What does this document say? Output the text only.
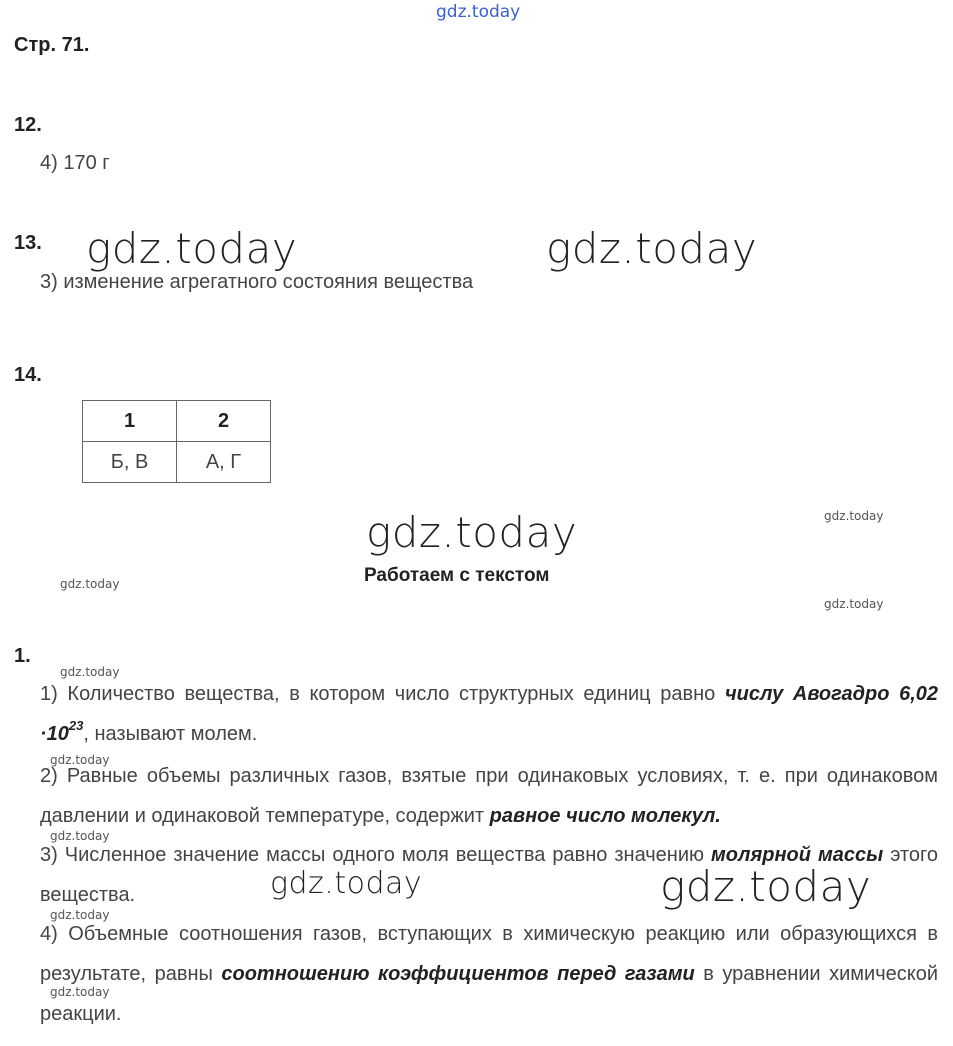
gdz.today
Стр. 71.
12.
4) 170 г
13.
3) изменение агрегатного состояния вещества
gdz.today	gdz.today
14.
1	2
Б, В	А, Г
gdz.today	gdz.today
gdz.today
gdz.today
Работаем с текстом
1.
gdz.today
1) Количество вещества, в котором число структурных единиц равно числу Авогадро $6,02 \cdot 10^{23}$, называют молем.
gdz.today
2) Равные объемы различных газов, взятые при одинаковых условиях, т. е. при одинаковом давлении и одинаковой температуре, содержит равное число молекул.
gdz.today
3) Численное значение массы одного моля вещества равно значению молярной массы этого вещества.	gdz.today	gdz.today
gdz.today
4) Объемные соотношения газов, вступающих в химическую реакцию или образующихся в результате, равны соотношению коэффициентов перед газами в уравнении химической реакции.
gdz.today
